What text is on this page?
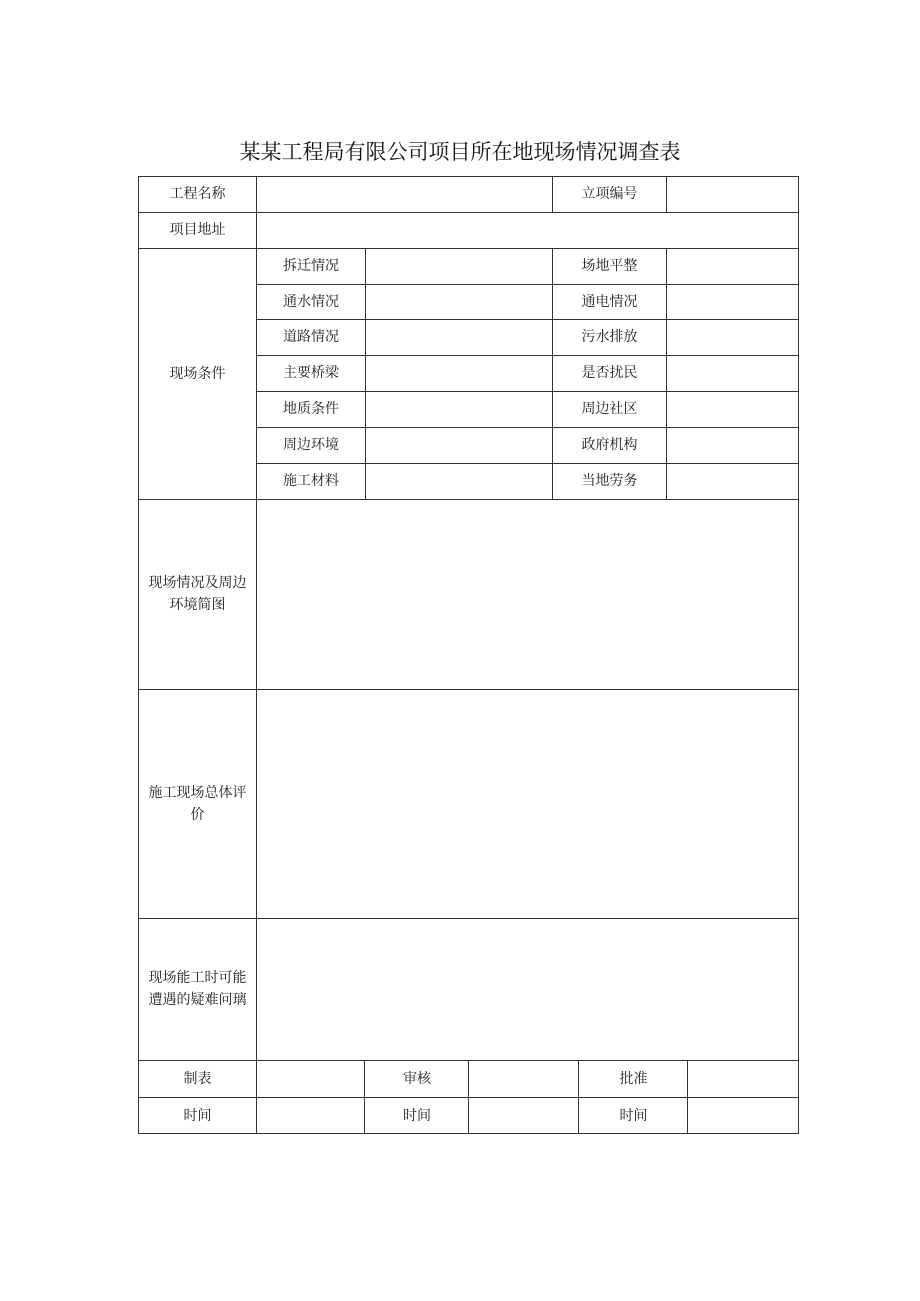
某某工程局有限公司项目所在地现场情况调查表
工程名称	立项编号
项目地址
现场条件
拆迁情况	场地平整
通水情况	通电情况
道路情况	污水排放
主要桥梁	是否扰民
地质条件	周边社区
周边环境	政府机构
施工材料	当地劳务
现场情况及周边环境简图
施工现场总体评价
现场能工时可能遭遇的疑难问璃
制表	审核	批准
时间	时间	时间
